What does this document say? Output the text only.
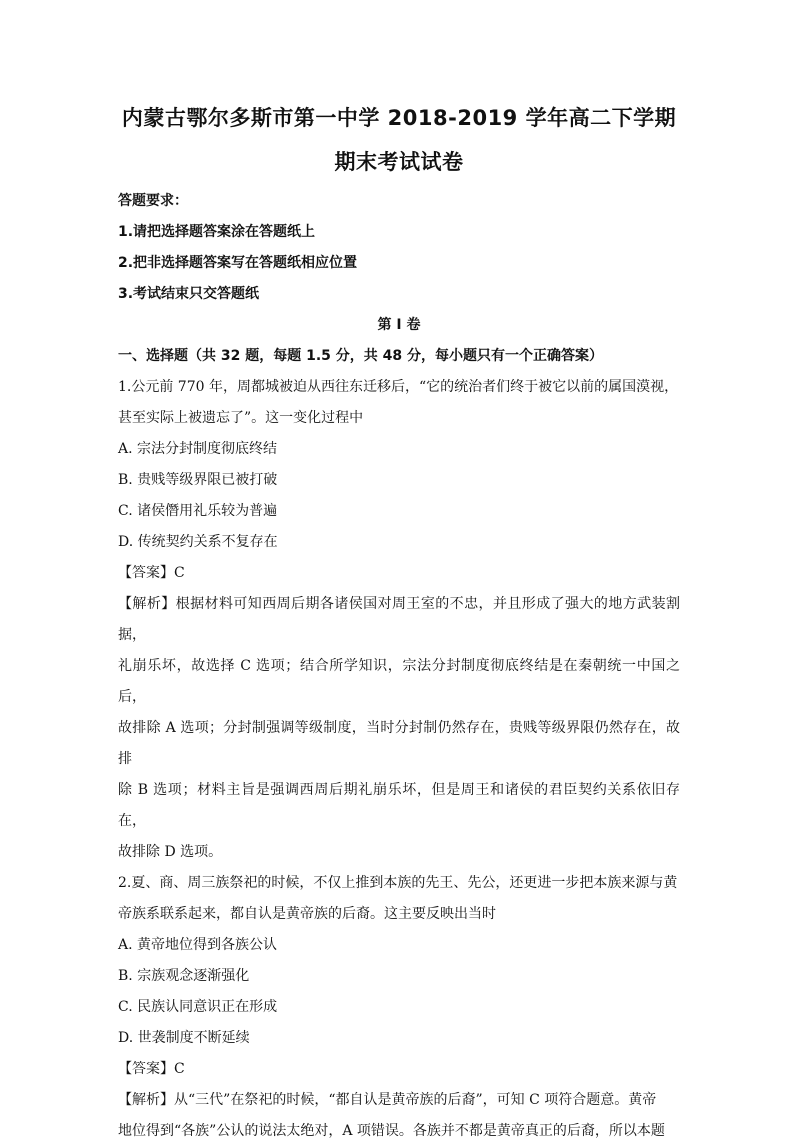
内蒙古鄂尔多斯市第一中学 2018-2019 学年高二下学期
期末考试试卷

答题要求：

1.请把选择题答案涂在答题纸上

2.把非选择题答案写在答题纸相应位置

3.考试结束只交答题纸

第 I 卷

一、选择题（共 32 题，每题 1.5 分，共 48 分，每小题只有一个正确答案）

1.公元前 770 年，周都城被迫从西往东迁移后，“它的统治者们终于被它以前的属国漠视，

甚至实际上被遗忘了”。这一变化过程中

A. 宗法分封制度彻底终结

B. 贵贱等级界限已被打破

C. 诸侯僭用礼乐较为普遍

D. 传统契约关系不复存在

【答案】C

【解析】根据材料可知西周后期各诸侯国对周王室的不忠，并且形成了强大的地方武装割据，

礼崩乐坏，故选择 C 选项；结合所学知识，宗法分封制度彻底终结是在秦朝统一中国之后，

故排除 A 选项；分封制强调等级制度，当时分封制仍然存在，贵贱等级界限仍然存在，故排

除 B 选项；材料主旨是强调西周后期礼崩乐坏，但是周王和诸侯的君臣契约关系依旧存在，

故排除 D 选项。

2.夏、商、周三族祭祀的时候，不仅上推到本族的先王、先公，还更进一步把本族来源与黄

帝族系联系起来，都自认是黄帝族的后裔。这主要反映出当时

A. 黄帝地位得到各族公认

B. 宗族观念逐渐强化

C. 民族认同意识正在形成

D. 世袭制度不断延续

【答案】C

【解析】从“三代”在祭祀的时候，“都自认是黄帝族的后裔”，可知 C 项符合题意。黄帝

地位得到“各族”公认的说法太绝对，A 项错误。各族并不都是黄帝真正的后裔，所以本题
